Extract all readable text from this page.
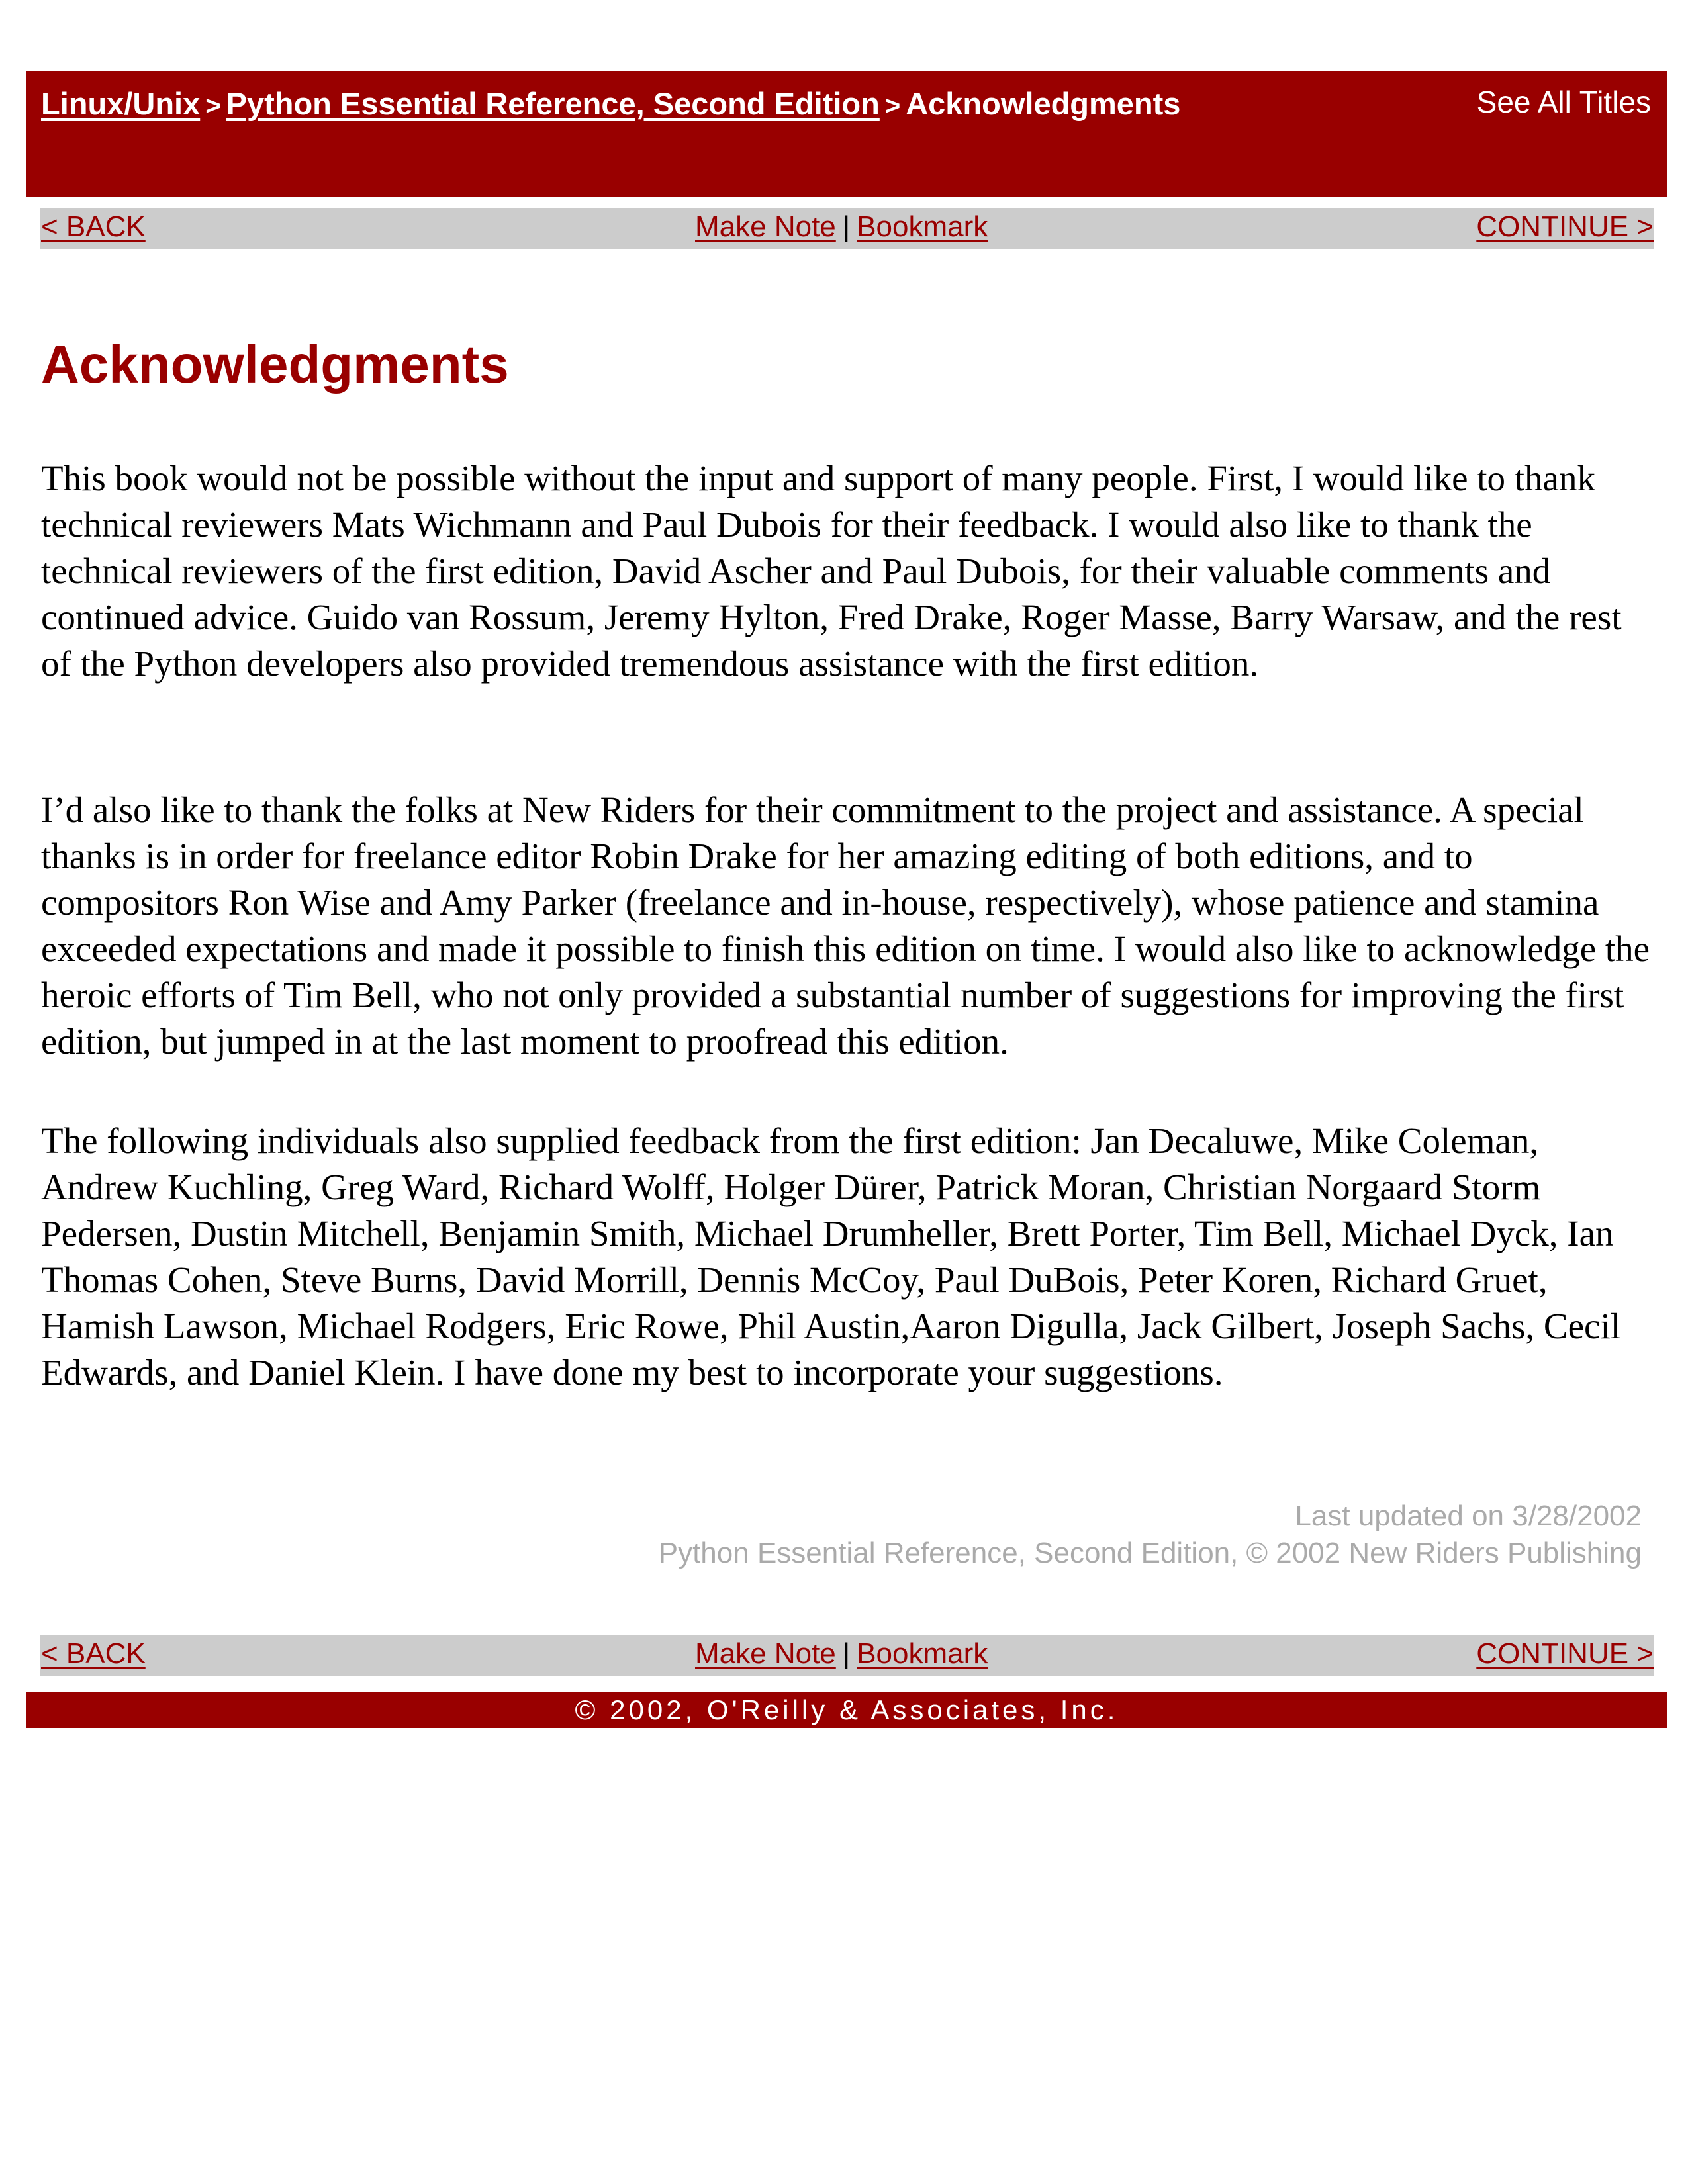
Linux/Unix > Python Essential Reference, Second Edition > Acknowledgments	See All Titles
< BACK	Make Note | Bookmark	CONTINUE >
Acknowledgments

This book would not be possible without the input and support of many people. First, I would like to thank technical reviewers Mats Wichmann and Paul Dubois for their feedback. I would also like to thank the technical reviewers of the first edition, David Ascher and Paul Dubois, for their valuable comments and continued advice. Guido van Rossum, Jeremy Hylton, Fred Drake, Roger Masse, Barry Warsaw, and the rest of the Python developers also provided tremendous assistance with the first edition.

I’d also like to thank the folks at New Riders for their commitment to the project and assistance. A special thanks is in order for freelance editor Robin Drake for her amazing editing of both editions, and to compositors Ron Wise and Amy Parker (freelance and in-house, respectively), whose patience and stamina exceeded expectations and made it possible to finish this edition on time. I would also like to acknowledge the heroic efforts of Tim Bell, who not only provided a substantial number of suggestions for improving the first edition, but jumped in at the last moment to proofread this edition.

The following individuals also supplied feedback from the first edition: Jan Decaluwe, Mike Coleman, Andrew Kuchling, Greg Ward, Richard Wolff, Holger Dürer, Patrick Moran, Christian Norgaard Storm Pedersen, Dustin Mitchell, Benjamin Smith, Michael Drumheller, Brett Porter, Tim Bell, Michael Dyck, Ian Thomas Cohen, Steve Burns, David Morrill, Dennis McCoy, Paul DuBois, Peter Koren, Richard Gruet, Hamish Lawson, Michael Rodgers, Eric Rowe, Phil Austin,Aaron Digulla, Jack Gilbert, Joseph Sachs, Cecil Edwards, and Daniel Klein. I have done my best to incorporate your suggestions.

Last updated on 3/28/2002
Python Essential Reference, Second Edition, © 2002 New Riders Publishing
< BACK	Make Note | Bookmark	CONTINUE >
© 2002, O'Reilly & Associates, Inc.
